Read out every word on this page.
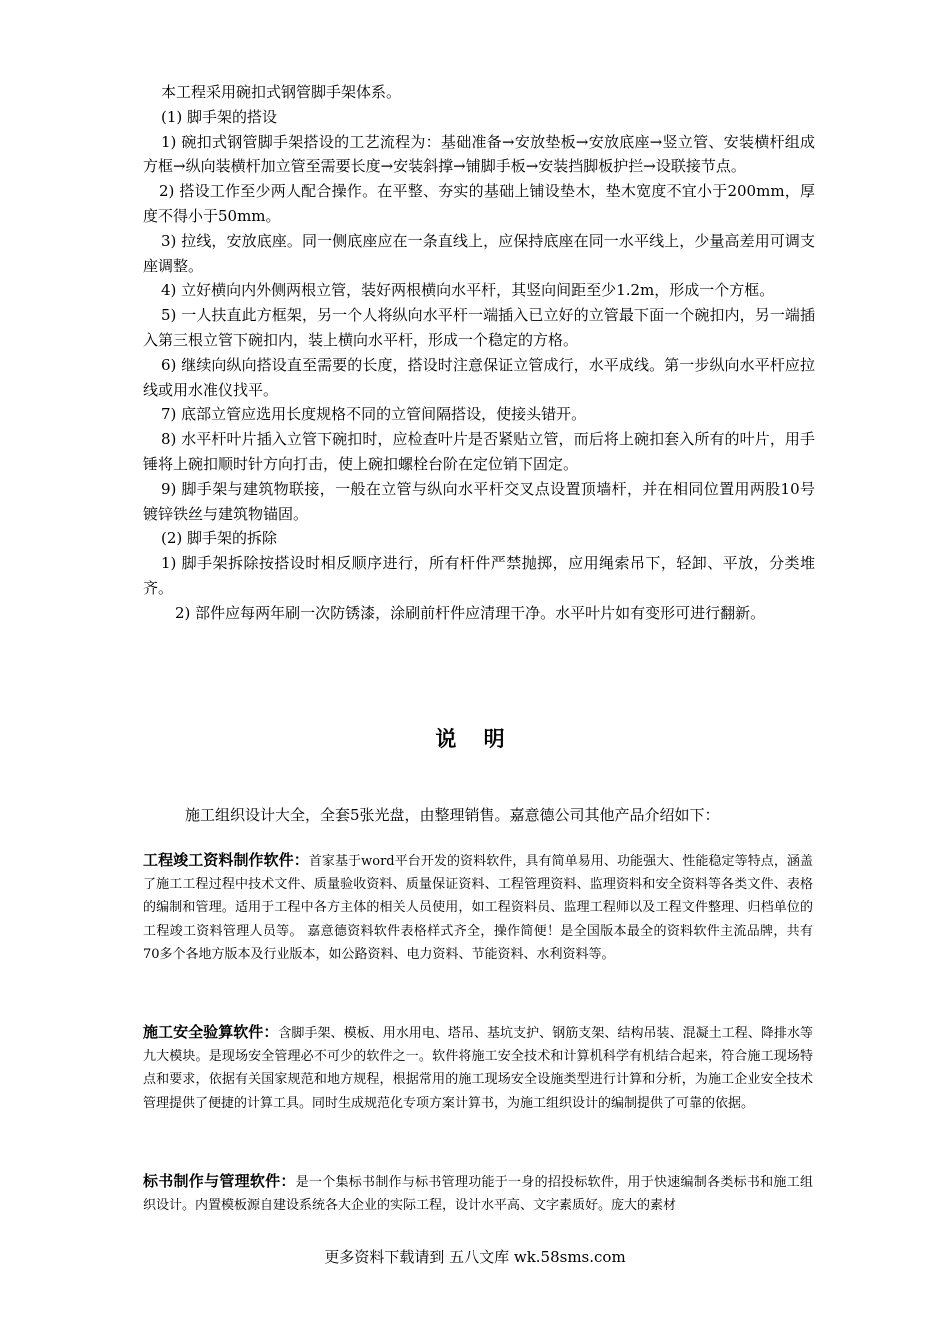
本工程采用碗扣式钢管脚手架体系。

(1) 脚手架的搭设

1) 碗扣式钢管脚手架搭设的工艺流程为：基础准备→安放垫板→安放底座→竖立管、安装横杆组成方框→纵向装横杆加立管至需要长度→安装斜撑→铺脚手板→安装挡脚板护拦→设联接节点。

2) 搭设工作至少两人配合操作。在平整、夯实的基础上铺设垫木，垫木宽度不宜小于200mm，厚度不得小于50mm。

3) 拉线，安放底座。同一侧底座应在一条直线上，应保持底座在同一水平线上，少量高差用可调支座调整。

4) 立好横向内外侧两根立管，装好两根横向水平杆，其竖向间距至少1.2m，形成一个方框。

5) 一人扶直此方框架，另一个人将纵向水平杆一端插入已立好的立管最下面一个碗扣内，另一端插入第三根立管下碗扣内，装上横向水平杆，形成一个稳定的方格。

6) 继续向纵向搭设直至需要的长度，搭设时注意保证立管成行，水平成线。第一步纵向水平杆应拉线或用水准仪找平。

7) 底部立管应选用长度规格不同的立管间隔搭设，使接头错开。

8) 水平杆叶片插入立管下碗扣时，应检查叶片是否紧贴立管，而后将上碗扣套入所有的叶片，用手锤将上碗扣顺时针方向打击，使上碗扣螺栓台阶在定位销下固定。

9) 脚手架与建筑物联接，一般在立管与纵向水平杆交叉点设置顶墙杆，并在相同位置用两股10号镀锌铁丝与建筑物锚固。

(2) 脚手架的拆除

1) 脚手架拆除按搭设时相反顺序进行，所有杆件严禁抛掷，应用绳索吊下，轻卸、平放，分类堆齐。

2) 部件应每两年刷一次防锈漆，涂刷前杆件应清理干净。水平叶片如有变形可进行翻新。

说 明
施工组织设计大全，全套5张光盘，由整理销售。嘉意德公司其他产品介绍如下：
工程竣工资料制作软件：首家基于word平台开发的资料软件，具有简单易用、功能强大、性能稳定等特点，涵盖了施工工程过程中技术文件、质量验收资料、质量保证资料、工程管理资料、监理资料和安全资料等各类文件、表格的编制和管理。适用于工程中各方主体的相关人员使用，如工程资料员、监理工程师以及工程文件整理、归档单位的工程竣工资料管理人员等。 嘉意德资料软件表格样式齐全，操作简便！是全国版本最全的资料软件主流品牌，共有70多个各地方版本及行业版本，如公路资料、电力资料、节能资料、水利资料等。
施工安全验算软件：含脚手架、模板、用水用电、塔吊、基坑支护、钢筋支架、结构吊装、混凝土工程、降排水等九大模块。是现场安全管理必不可少的软件之一。软件将施工安全技术和计算机科学有机结合起来，符合施工现场特点和要求，依据有关国家规范和地方规程，根据常用的施工现场安全设施类型进行计算和分析，为施工企业安全技术管理提供了便捷的计算工具。同时生成规范化专项方案计算书，为施工组织设计的编制提供了可靠的依据。
标书制作与管理软件：是一个集标书制作与标书管理功能于一身的招投标软件，用于快速编制各类标书和施工组织设计。内置模板源自建设系统各大企业的实际工程，设计水平高、文字素质好。庞大的素材
更多资料下载请到 五八文库 wk.58sms.com
